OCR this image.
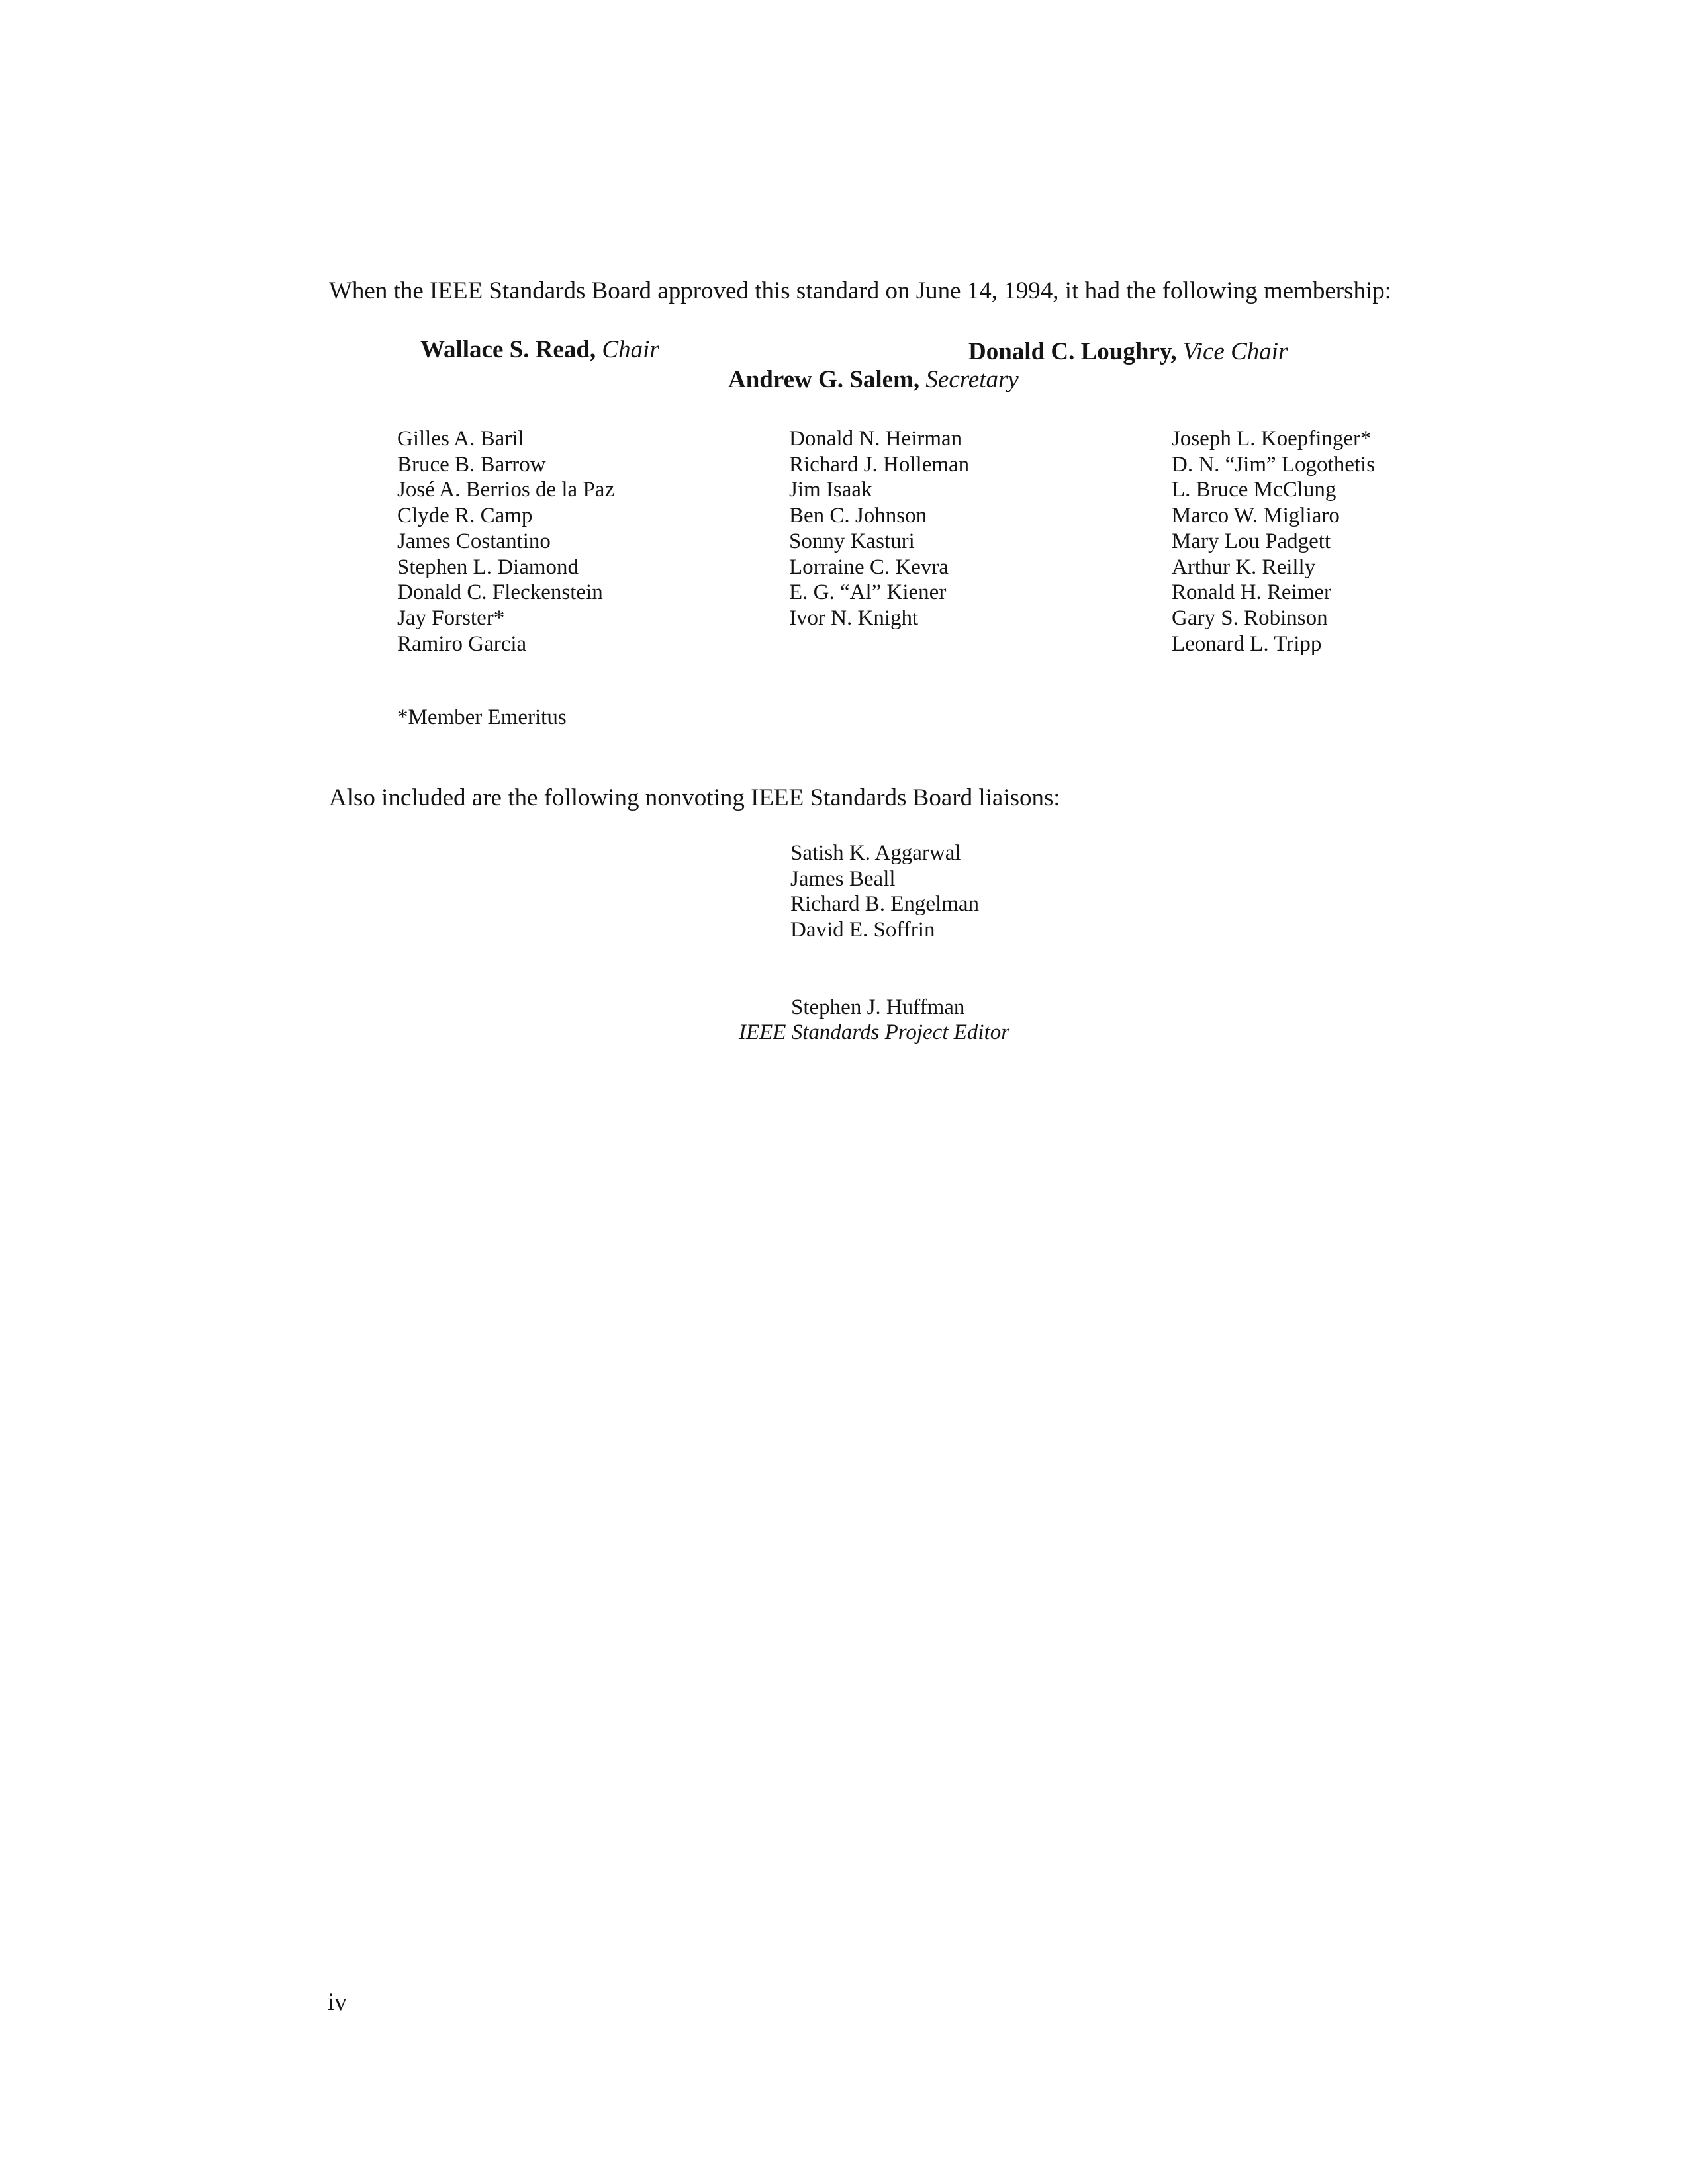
When the IEEE Standards Board approved this standard on June 14, 1994, it had the following membership:
Wallace S. Read, Chair	Donald C. Loughry, Vice Chair
Andrew G. Salem, Secretary
Gilles A. Baril
Bruce B. Barrow
José A. Berrios de la Paz
Clyde R. Camp
James Costantino
Stephen L. Diamond
Donald C. Fleckenstein
Jay Forster*
Ramiro Garcia
Donald N. Heirman
Richard J. Holleman
Jim Isaak
Ben C. Johnson
Sonny Kasturi
Lorraine C. Kevra
E. G. “Al” Kiener
Ivor N. Knight
Joseph L. Koepfinger*
D. N. “Jim” Logothetis
L. Bruce McClung
Marco W. Migliaro
Mary Lou Padgett
Arthur K. Reilly
Ronald H. Reimer
Gary S. Robinson
Leonard L. Tripp
*Member Emeritus
Also included are the following nonvoting IEEE Standards Board liaisons:
Satish K. Aggarwal
James Beall
Richard B. Engelman
David E. Soffrin
Stephen J. Huffman
IEEE Standards Project Editor
iv
